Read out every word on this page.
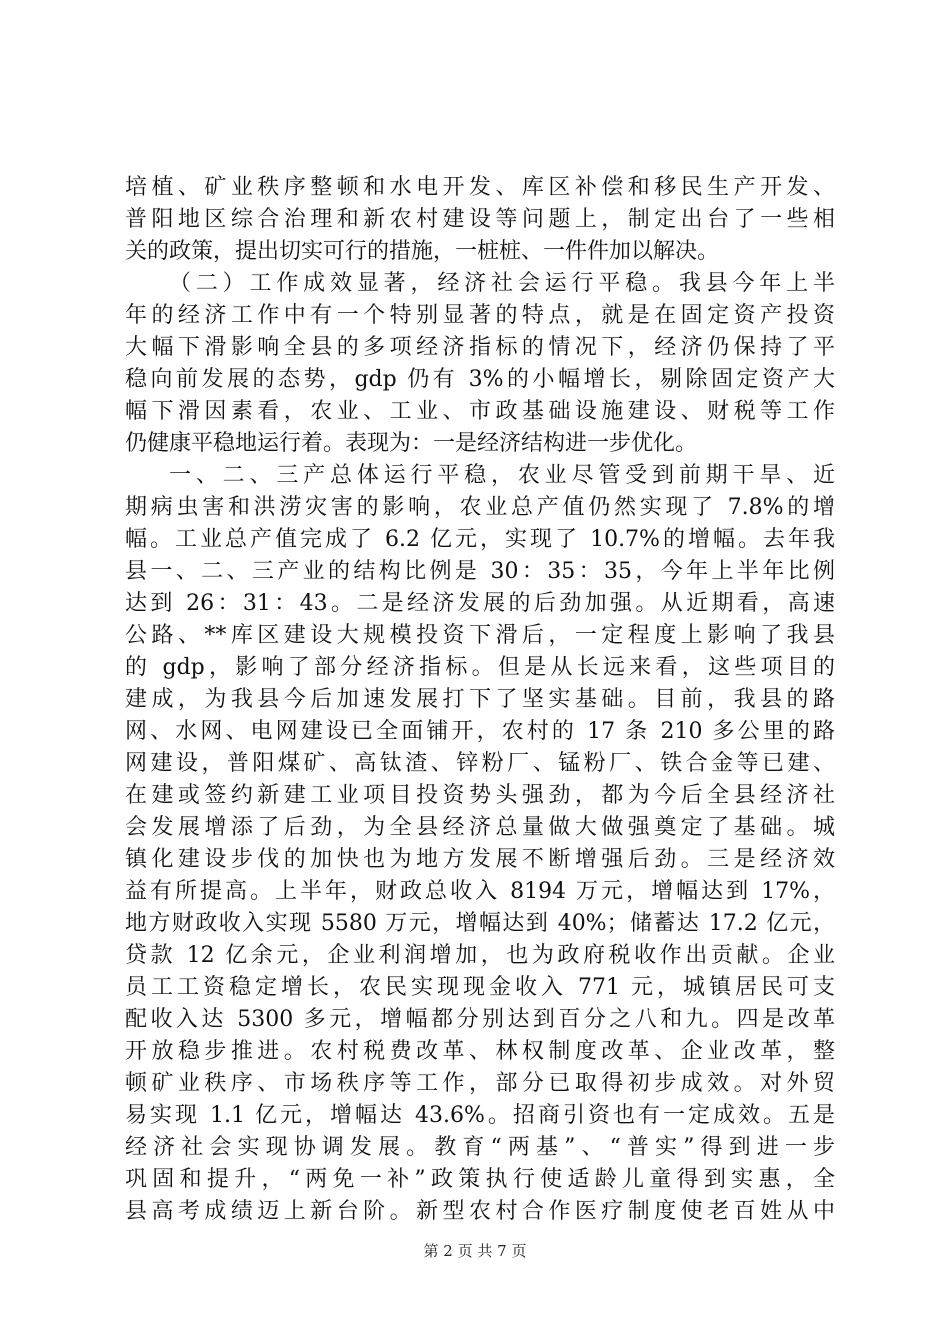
培植、矿业秩序整顿和水电开发、库区补偿和移民生产开发、
普阳地区综合治理和新农村建设等问题上，制定出台了一些相
关的政策，提出切实可行的措施，一桩桩、一件件加以解决。
（二）工作成效显著，经济社会运行平稳。我县今年上半
年的经济工作中有一个特别显著的特点，就是在固定资产投资
大幅下滑影响全县的多项经济指标的情况下，经济仍保持了平
稳向前发展的态势，gdp 仍有 3%的小幅增长，剔除固定资产大
幅下滑因素看，农业、工业、市政基础设施建设、财税等工作
仍健康平稳地运行着。表现为：一是经济结构进一步优化。
一、二、三产总体运行平稳，农业尽管受到前期干旱、近
期病虫害和洪涝灾害的影响，农业总产值仍然实现了 7.8%的增
幅。工业总产值完成了 6.2 亿元，实现了 10.7%的增幅。去年我
县一、二、三产业的结构比例是 30：35：35，今年上半年比例
达到 26：31：43。二是经济发展的后劲加强。从近期看，高速
公路、**库区建设大规模投资下滑后，一定程度上影响了我县
的 gdp，影响了部分经济指标。但是从长远来看，这些项目的
建成，为我县今后加速发展打下了坚实基础。目前，我县的路
网、水网、电网建设已全面铺开，农村的 17 条 210 多公里的路
网建设，普阳煤矿、高钛渣、锌粉厂、锰粉厂、铁合金等已建、
在建或签约新建工业项目投资势头强劲，都为今后全县经济社
会发展增添了后劲，为全县经济总量做大做强奠定了基础。城
镇化建设步伐的加快也为地方发展不断增强后劲。三是经济效
益有所提高。上半年，财政总收入 8194 万元，增幅达到 17%，
地方财政收入实现 5580 万元，增幅达到 40%；储蓄达 17.2 亿元，
贷款 12 亿余元，企业利润增加，也为政府税收作出贡献。企业
员工工资稳定增长，农民实现现金收入 771 元，城镇居民可支
配收入达 5300 多元，增幅都分别达到百分之八和九。四是改革
开放稳步推进。农村税费改革、林权制度改革、企业改革，整
顿矿业秩序、市场秩序等工作，部分已取得初步成效。对外贸
易实现 1.1 亿元，增幅达 43.6%。招商引资也有一定成效。五是
经济社会实现协调发展。教育“两基”、“普实”得到进一步
巩固和提升，“两免一补”政策执行使适龄儿童得到实惠，全
县高考成绩迈上新台阶。新型农村合作医疗制度使老百姓从中
第 2 页 共 7 页
